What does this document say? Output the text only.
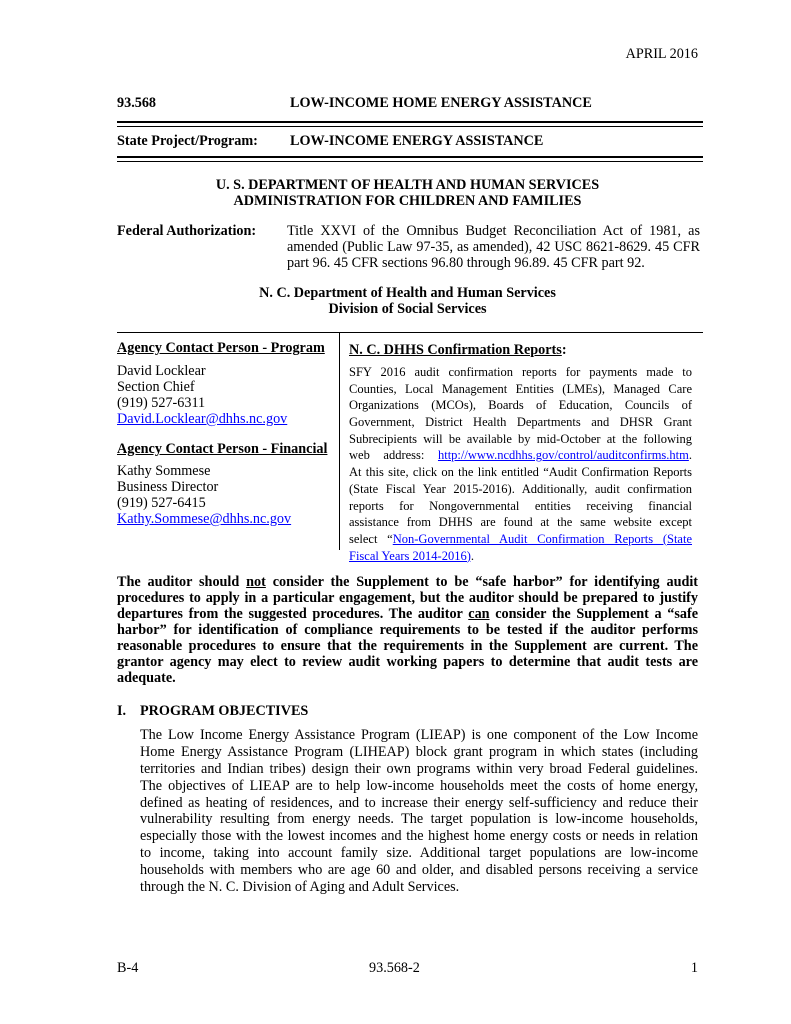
APRIL 2016
93.568	LOW-INCOME HOME ENERGY ASSISTANCE
State Project/Program: LOW-INCOME ENERGY ASSISTANCE
U. S. DEPARTMENT OF HEALTH AND HUMAN SERVICES
ADMINISTRATION FOR CHILDREN AND FAMILIES
Federal Authorization: Title XXVI of the Omnibus Budget Reconciliation Act of 1981, as
amended (Public Law 97-35, as amended), 42 USC 8621-8629. 45 CFR
part 96. 45 CFR sections 96.80 through 96.89. 45 CFR part 92.
N. C. Department of Health and Human Services
Division of Social Services
Agency Contact Person - Program
David Locklear
Section Chief
(919) 527-6311
David.Locklear@dhhs.nc.gov
Agency Contact Person - Financial
Kathy Sommese
Business Director
(919) 527-6415
Kathy.Sommese@dhhs.nc.gov
N. C. DHHS Confirmation Reports:
SFY 2016 audit confirmation reports for payments made to
Counties, Local Management Entities (LMEs), Managed Care
Organizations (MCOs), Boards of Education, Councils of
Government, District Health Departments and DHSR Grant
Subrecipients will be available by mid-October at the following
web address: http://www.ncdhhs.gov/control/auditconfirms.htm.
At this site, click on the link entitled “Audit Confirmation Reports
(State Fiscal Year 2015-2016). Additionally, audit confirmation
reports for Nongovernmental entities receiving financial
assistance from DHHS are found at the same website except
select “Non-Governmental Audit Confirmation Reports (State
Fiscal Years 2014-2016).
The auditor should not consider the Supplement to be “safe harbor” for identifying audit
procedures to apply in a particular engagement, but the auditor should be prepared to justify
departures from the suggested procedures. The auditor can consider the Supplement a “safe
harbor” for identification of compliance requirements to be tested if the auditor performs
reasonable procedures to ensure that the requirements in the Supplement are current. The
grantor agency may elect to review audit working papers to determine that audit tests are
adequate.
I. PROGRAM OBJECTIVES
The Low Income Energy Assistance Program (LIEAP) is one component of the Low Income
Home Energy Assistance Program (LIHEAP) block grant program in which states (including
territories and Indian tribes) design their own programs within very broad Federal guidelines.
The objectives of LIEAP are to help low-income households meet the costs of home energy,
defined as heating of residences, and to increase their energy self-sufficiency and reduce their
vulnerability resulting from energy needs. The target population is low-income households,
especially those with the lowest incomes and the highest home energy costs or needs in relation
to income, taking into account family size. Additional target populations are low-income
households with members who are age 60 and older, and disabled persons receiving a service
through the N. C. Division of Aging and Adult Services.
B-4	93.568-2	1
